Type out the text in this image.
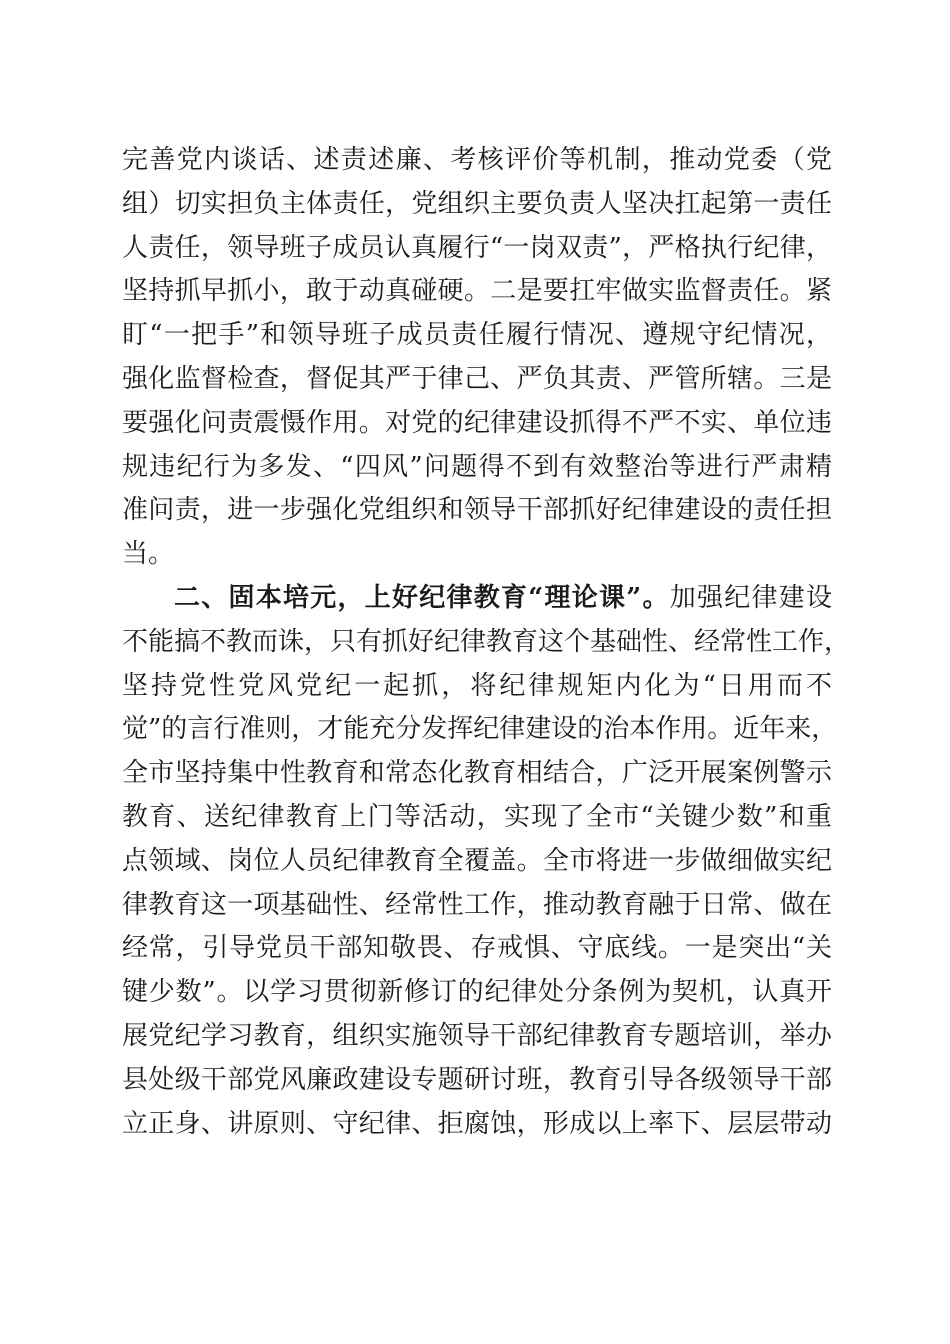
完善党内谈话、述责述廉、考核评价等机制，推动党委（党
组）切实担负主体责任，党组织主要负责人坚决扛起第一责任
人责任，领导班子成员认真履行“一岗双责”，严格执行纪律，
坚持抓早抓小，敢于动真碰硬。二是要扛牢做实监督责任。紧
盯“一把手”和领导班子成员责任履行情况、遵规守纪情况，
强化监督检查，督促其严于律己、严负其责、严管所辖。三是
要强化问责震慑作用。对党的纪律建设抓得不严不实、单位违
规违纪行为多发、“四风”问题得不到有效整治等进行严肃精
准问责，进一步强化党组织和领导干部抓好纪律建设的责任担
当。
二、固本培元，上好纪律教育“理论课”。加强纪律建设
不能搞不教而诛，只有抓好纪律教育这个基础性、经常性工作，
坚持党性党风党纪一起抓，将纪律规矩内化为“日用而不
觉”的言行准则，才能充分发挥纪律建设的治本作用。近年来，
全市坚持集中性教育和常态化教育相结合，广泛开展案例警示
教育、送纪律教育上门等活动，实现了全市“关键少数”和重
点领域、岗位人员纪律教育全覆盖。全市将进一步做细做实纪
律教育这一项基础性、经常性工作，推动教育融于日常、做在
经常，引导党员干部知敬畏、存戒惧、守底线。一是突出“关
键少数”。以学习贯彻新修订的纪律处分条例为契机，认真开
展党纪学习教育，组织实施领导干部纪律教育专题培训，举办
县处级干部党风廉政建设专题研讨班，教育引导各级领导干部
立正身、讲原则、守纪律、拒腐蚀，形成以上率下、层层带动
